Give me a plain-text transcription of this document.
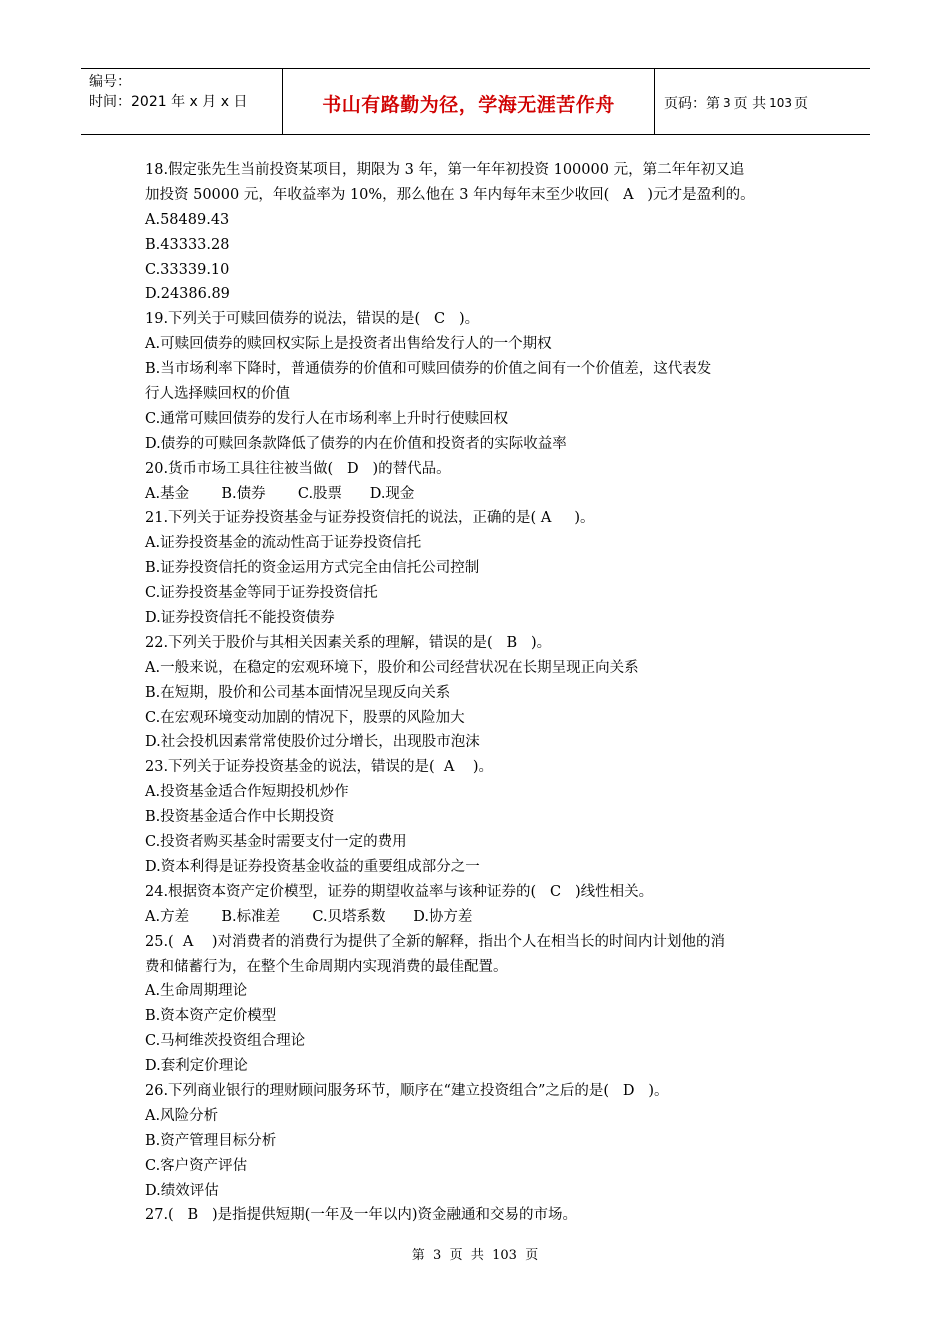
编号：
时间：2021 年 x 月 x 日	书山有路勤为径，学海无涯苦作舟	页码：第 3 页 共 103 页
18.假定张先生当前投资某项目，期限为 3 年，第一年年初投资 100000 元，第二年年初又追
加投资 50000 元，年收益率为 10%，那么他在 3 年内每年末至少收回(   A   )元才是盈利的。
A.58489.43
B.43333.28
C.33339.10
D.24386.89
19.下列关于可赎回债券的说法，错误的是(   C   )。
A.可赎回债券的赎回权实际上是投资者出售给发行人的一个期权
B.当市场利率下降时，普通债券的价值和可赎回债券的价值之间有一个价值差，这代表发
行人选择赎回权的价值
C.通常可赎回债券的发行人在市场利率上升时行使赎回权
D.债券的可赎回条款降低了债券的内在价值和投资者的实际收益率
20.货币市场工具往往被当做(   D   )的替代品。
A.基金       B.债券       C.股票      D.现金
21.下列关于证券投资基金与证券投资信托的说法，正确的是( A     )。
A.证券投资基金的流动性高于证券投资信托
B.证券投资信托的资金运用方式完全由信托公司控制
C.证券投资基金等同于证券投资信托
D.证券投资信托不能投资债券
22.下列关于股价与其相关因素关系的理解，错误的是(   B   )。
A.一般来说，在稳定的宏观环境下，股价和公司经营状况在长期呈现正向关系
B.在短期，股价和公司基本面情况呈现反向关系
C.在宏观环境变动加剧的情况下，股票的风险加大
D.社会投机因素常常使股价过分增长，出现股市泡沫
23.下列关于证券投资基金的说法，错误的是(  A    )。
A.投资基金适合作短期投机炒作
B.投资基金适合作中长期投资
C.投资者购买基金时需要支付一定的费用
D.资本利得是证券投资基金收益的重要组成部分之一
24.根据资本资产定价模型，证券的期望收益率与该种证券的(   C   )线性相关。
A.方差       B.标准差       C.贝塔系数      D.协方差
25.(  A    )对消费者的消费行为提供了全新的解释，指出个人在相当长的时间内计划他的消
费和储蓄行为，在整个生命周期内实现消费的最佳配置。
A.生命周期理论
B.资本资产定价模型
C.马柯维茨投资组合理论
D.套利定价理论
26.下列商业银行的理财顾问服务环节，顺序在“建立投资组合”之后的是(   D   )。
A.风险分析
B.资产管理目标分析
C.客户资产评估
D.绩效评估
27.(   B   )是指提供短期(一年及一年以内)资金融通和交易的市场。
第  3  页  共  103  页
